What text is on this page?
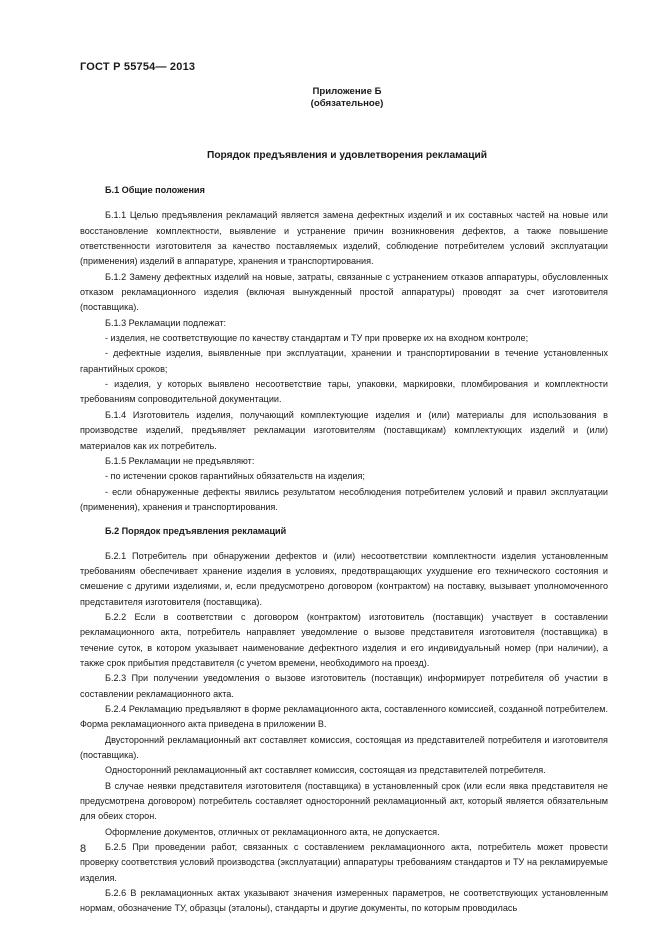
ГОСТ Р 55754— 2013
Приложение Б
(обязательное)
Порядок предъявления и удовлетворения рекламаций
Б.1 Общие положения

Б.1.1 Целью предъявления рекламаций является замена дефектных изделий и их составных частей на новые или восстановление комплектности, выявление и устранение причин возникновения дефектов, а также повышение ответственности изготовителя за качество поставляемых изделий, соблюдение потребителем условий эксплуатации (применения) изделий в аппаратуре, хранения и транспортирования.

Б.1.2 Замену дефектных изделий на новые, затраты, связанные с устранением отказов аппаратуры, обусловленных отказом рекламационного изделия (включая вынужденный простой аппаратуры) проводят за счет изготовителя (поставщика).

Б.1.3 Рекламации подлежат:

- изделия, не соответствующие по качеству стандартам и ТУ при проверке их на входном контроле;

- дефектные изделия, выявленные при эксплуатации, хранении и транспортировании в течение установленных гарантийных сроков;

- изделия, у которых выявлено несоответствие тары, упаковки, маркировки, пломбирования и комплектности требованиям сопроводительной документации.

Б.1.4 Изготовитель изделия, получающий комплектующие изделия и (или) материалы для использования в производстве изделий, предъявляет рекламации изготовителям (поставщикам) комплектующих изделий и (или) материалов как их потребитель.

Б.1.5 Рекламации не предъявляют:

- по истечении сроков гарантийных обязательств на изделия;

- если обнаруженные дефекты явились результатом несоблюдения потребителем условий и правил эксплуатации (применения), хранения и транспортирования.

Б.2 Порядок предъявления рекламаций

Б.2.1 Потребитель при обнаружении дефектов и (или) несоответствии комплектности изделия установленным требованиям обеспечивает хранение изделия в условиях, предотвращающих ухудшение его технического состояния и смешение с другими изделиями, и, если предусмотрено договором (контрактом) на поставку, вызывает уполномоченного представителя изготовителя (поставщика).

Б.2.2 Если в соответствии с договором (контрактом) изготовитель (поставщик) участвует в составлении рекламационного акта, потребитель направляет уведомление о вызове представителя изготовителя (поставщика) в течение суток, в котором указывает наименование дефектного изделия и его индивидуальный номер (при наличии), а также срок прибытия представителя (с учетом времени, необходимого на проезд).

Б.2.3 При получении уведомления о вызове изготовитель (поставщик) информирует потребителя об участии в составлении рекламационного акта.

Б.2.4 Рекламацию предъявляют в форме рекламационного акта, составленного комиссией, созданной потребителем. Форма рекламационного акта приведена в приложении В.

Двусторонний рекламационный акт составляет комиссия, состоящая из представителей потребителя и изготовителя (поставщика).

Односторонний рекламационный акт составляет комиссия, состоящая из представителей потребителя.

В случае неявки представителя изготовителя (поставщика) в установленный срок (или если явка представителя не предусмотрена договором) потребитель составляет односторонний рекламационный акт, который является обязательным для обеих сторон.

Оформление документов, отличных от рекламационного акта, не допускается.

Б.2.5 При проведении работ, связанных с составлением рекламационного акта, потребитель может провести проверку соответствия условий производства (эксплуатации) аппаратуры требованиям стандартов и ТУ на рекламируемые изделия.

Б.2.6 В рекламационных актах указывают значения измеренных параметров, не соответствующих установленным нормам, обозначение ТУ, образцы (эталоны), стандарты и другие документы, по которым проводилась

8
